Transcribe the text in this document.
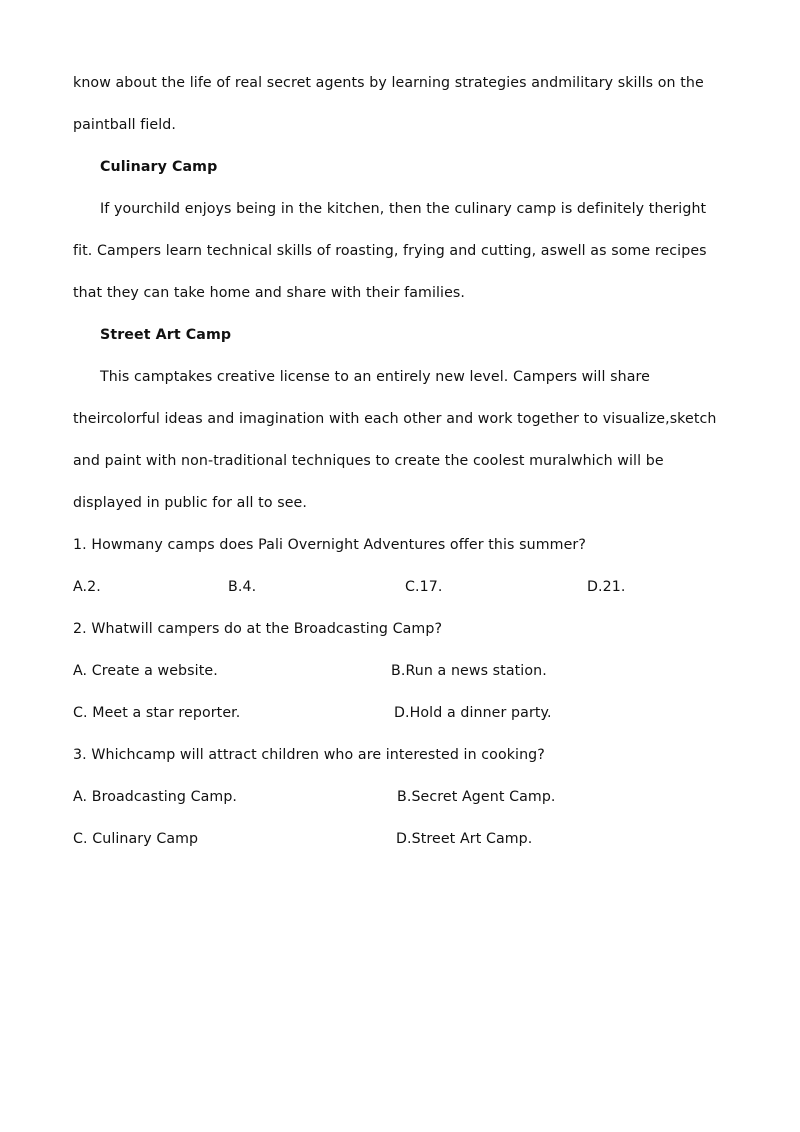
know about the life of real secret agents by learning strategies andmilitary skills on the
paintball field.
Culinary Camp
If yourchild enjoys being in the kitchen, then the culinary camp is definitely theright
fit. Campers learn technical skills of roasting, frying and cutting, aswell as some recipes
that they can take home and share with their families.
Street Art Camp
This camptakes creative license to an entirely new level. Campers will share
theircolorful ideas and imagination with each other and work together to visualize,sketch
and paint with non-traditional techniques to create the coolest muralwhich will be
displayed in public for all to see.
1. Howmany camps does Pali Overnight Adventures offer this summer?
A.2.	B.4.	C.17.	D.21.
2. Whatwill campers do at the Broadcasting Camp?
A. Create a website.	B.Run a news station.
C. Meet a star reporter.	D.Hold a dinner party.
3. Whichcamp will attract children who are interested in cooking?
A. Broadcasting Camp.	B.Secret Agent Camp.
C. Culinary Camp	D.Street Art Camp.
